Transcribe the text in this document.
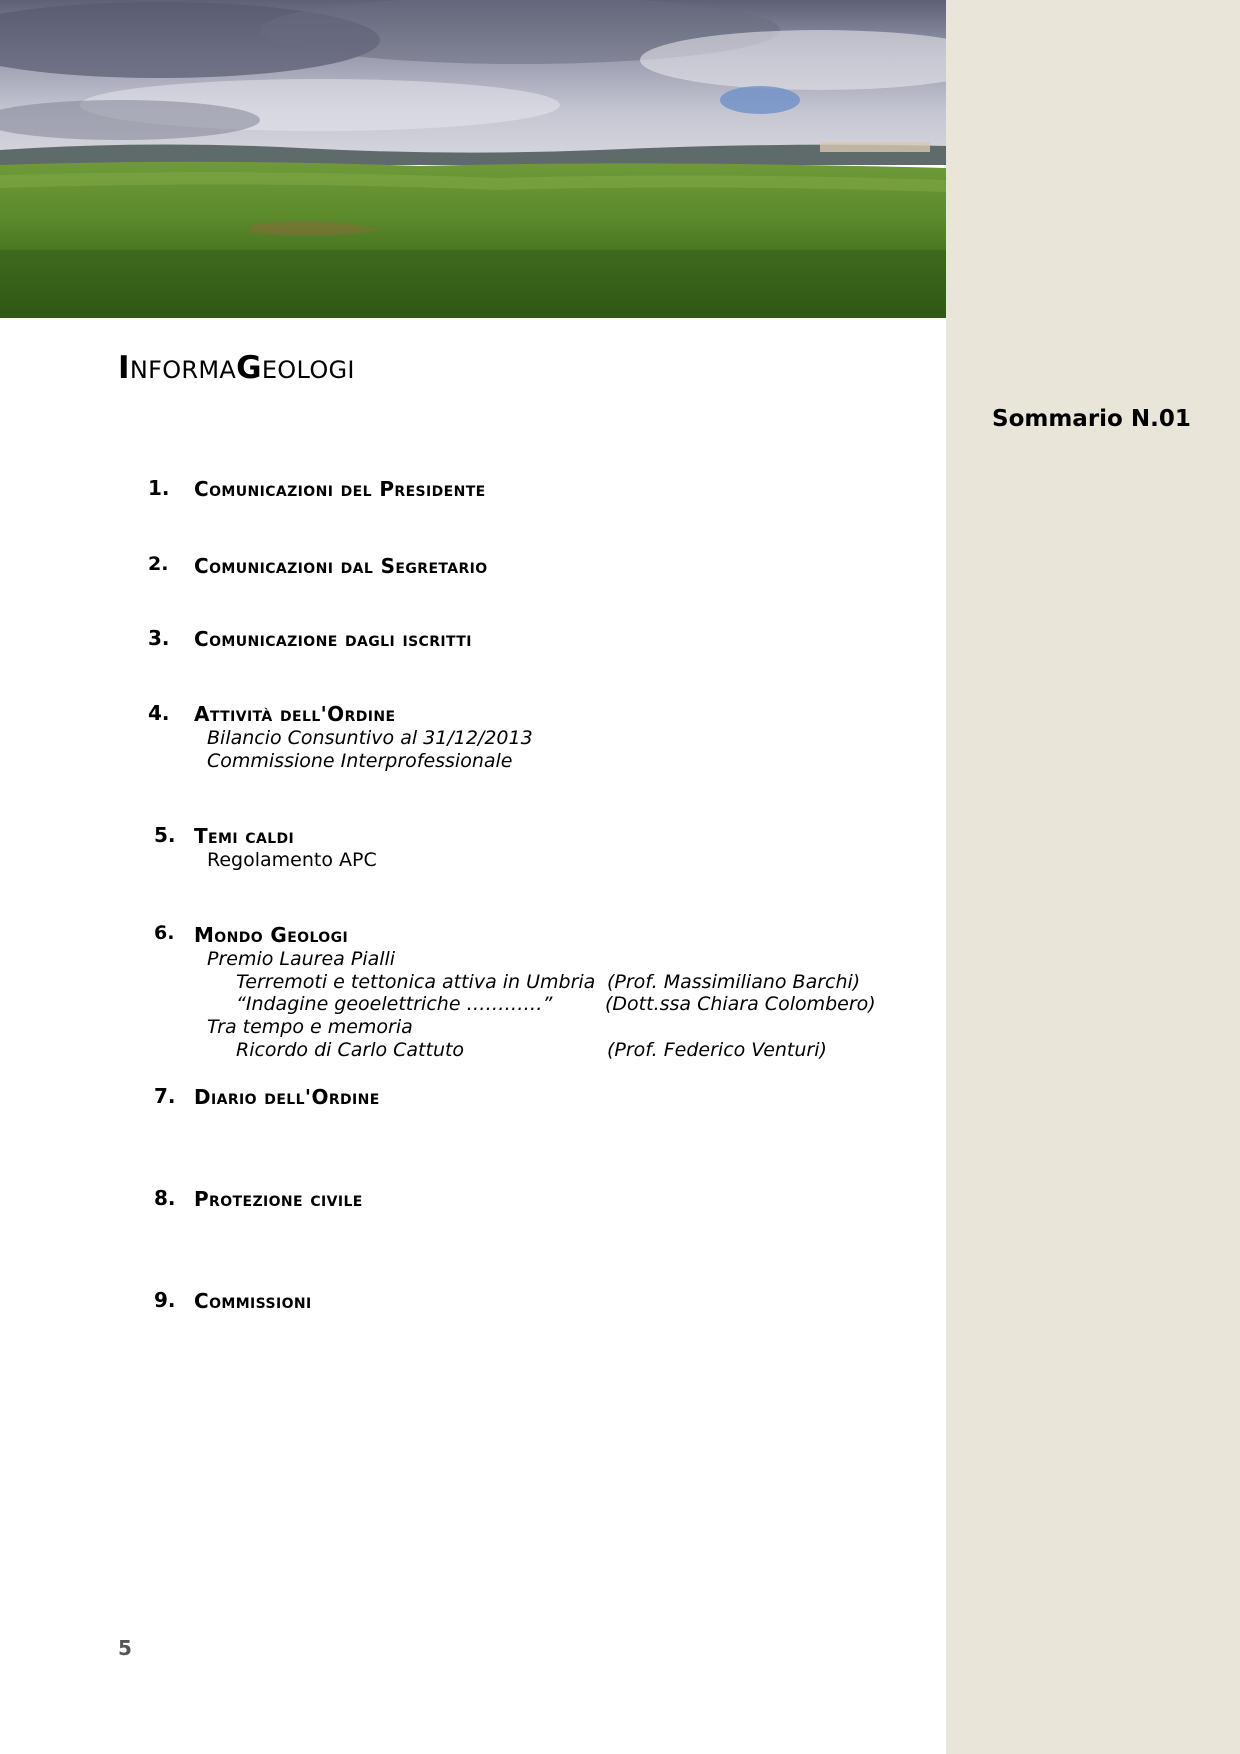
INFORMAGEOLOGI
Sommario N.01
1. Comunicazioni del Presidente
2. Comunicazioni dal Segretario
3. Comunicazione dagli iscritti
4. Attività dell'Ordine
Bilancio Consuntivo al 31/12/2013
Commissione Interprofessionale
5. Temi caldi
Regolamento APC
6. Mondo Geologi
Premio Laurea Pialli
Terremoti e tettonica attiva in Umbria (Prof. Massimiliano Barchi)
“Indagine geoelettriche …………”	(Dott.ssa Chiara Colombero)
Tra tempo e memoria
Ricordo di Carlo Cattuto	(Prof. Federico Venturi)
7. Diario dell'Ordine
8. Protezione civile
9. Commissioni
5
